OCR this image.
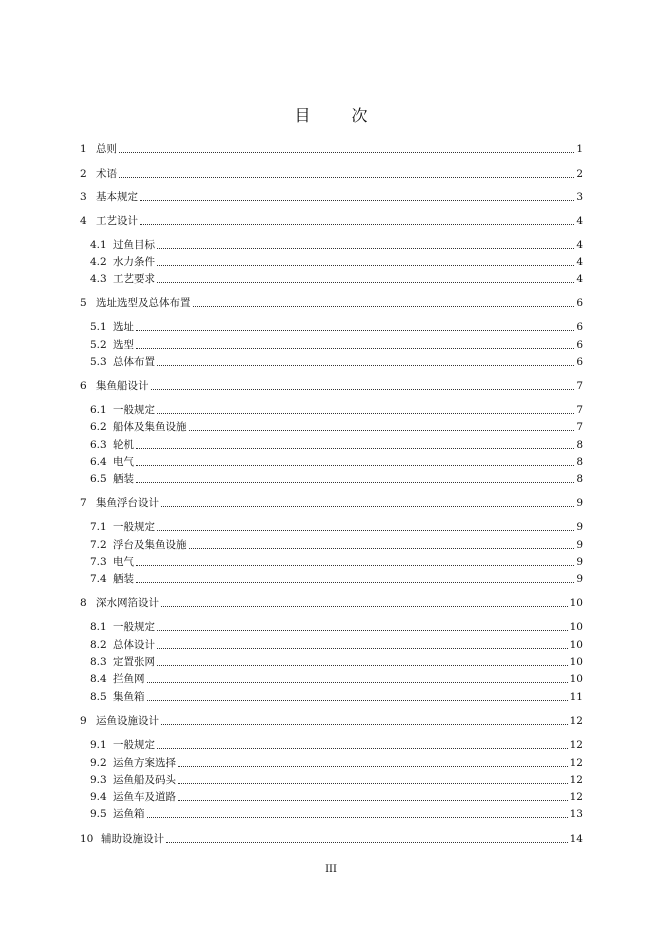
目 次
1 总则	1
2 术语	2
3 基本规定	3
4 工艺设计	4
4.1 过鱼目标	4
4.2 水力条件	4
4.3 工艺要求	4
5 选址选型及总体布置	6
5.1 选址	6
5.2 选型	6
5.3 总体布置	6
6 集鱼船设计	7
6.1 一般规定	7
6.2 船体及集鱼设施	7
6.3 轮机	8
6.4 电气	8
6.5 舾装	8
7 集鱼浮台设计	9
7.1 一般规定	9
7.2 浮台及集鱼设施	9
7.3 电气	9
7.4 舾装	9
8 深水网箔设计	10
8.1 一般规定	10
8.2 总体设计	10
8.3 定置张网	10
8.4 拦鱼网	10
8.5 集鱼箱	11
9 运鱼设施设计	12
9.1 一般规定	12
9.2 运鱼方案选择	12
9.3 运鱼船及码头	12
9.4 运鱼车及道路	12
9.5 运鱼箱	13
10 辅助设施设计	14
III
